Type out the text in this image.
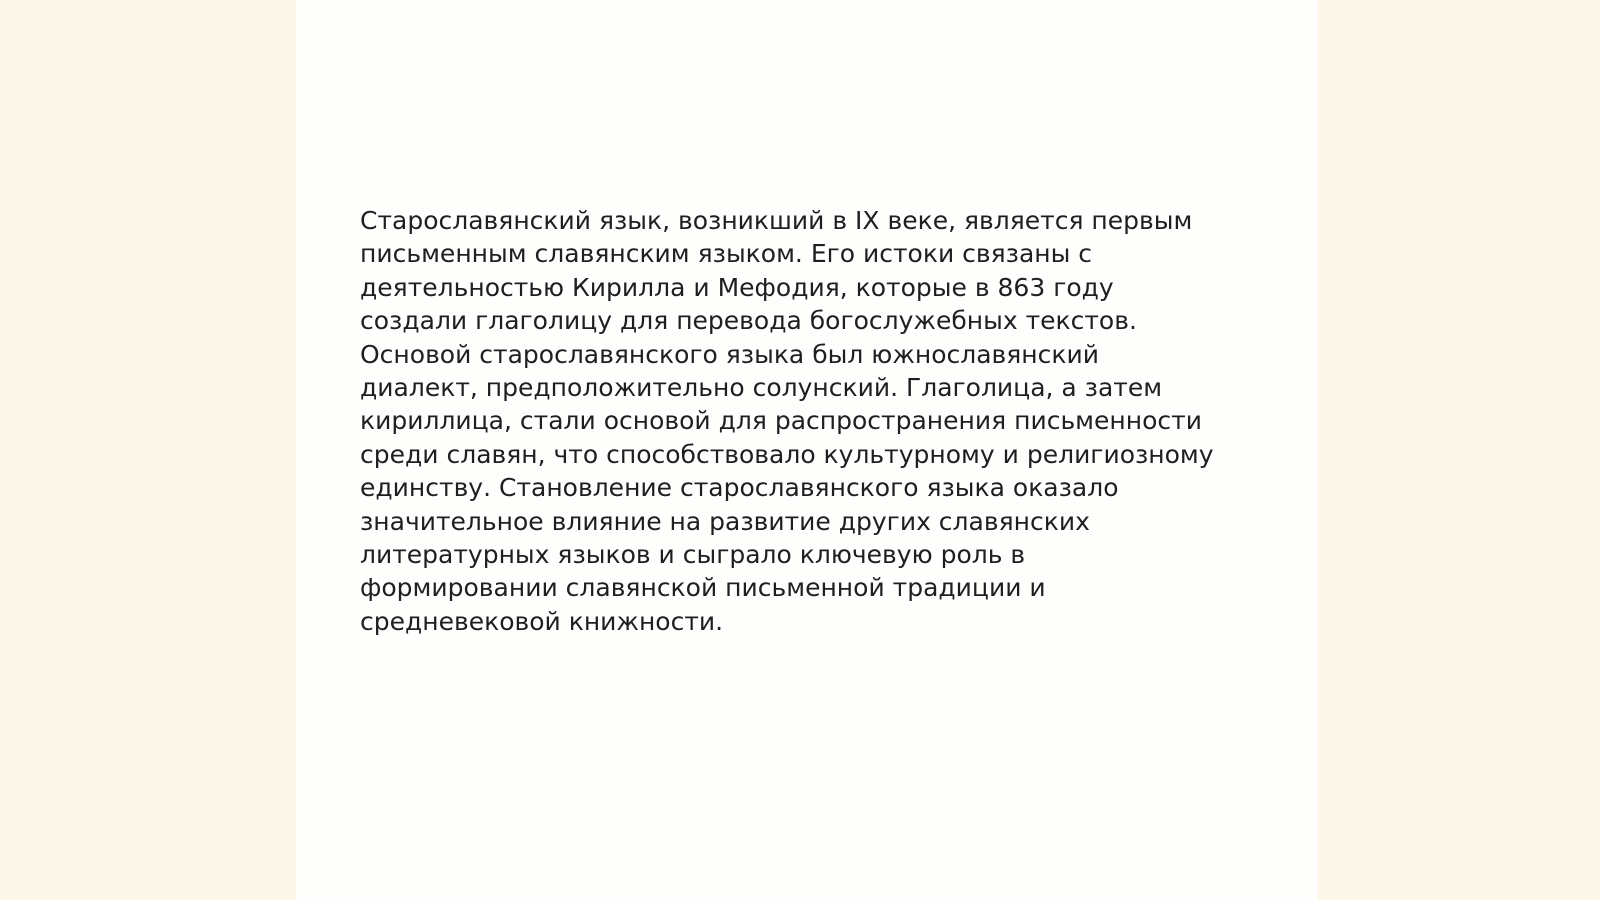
Старославянский язык, возникший в IX веке, является первым
письменным славянским языком. Его истоки связаны с
деятельностью Кирилла и Мефодия, которые в 863 году
создали глаголицу для перевода богослужебных текстов.
Основой старославянского языка был южнославянский
диалект, предположительно солунский. Глаголица, а затем
кириллица, стали основой для распространения письменности
среди славян, что способствовало культурному и религиозному
единству. Становление старославянского языка оказало
значительное влияние на развитие других славянских
литературных языков и сыграло ключевую роль в
формировании славянской письменной традиции и
средневековой книжности.
